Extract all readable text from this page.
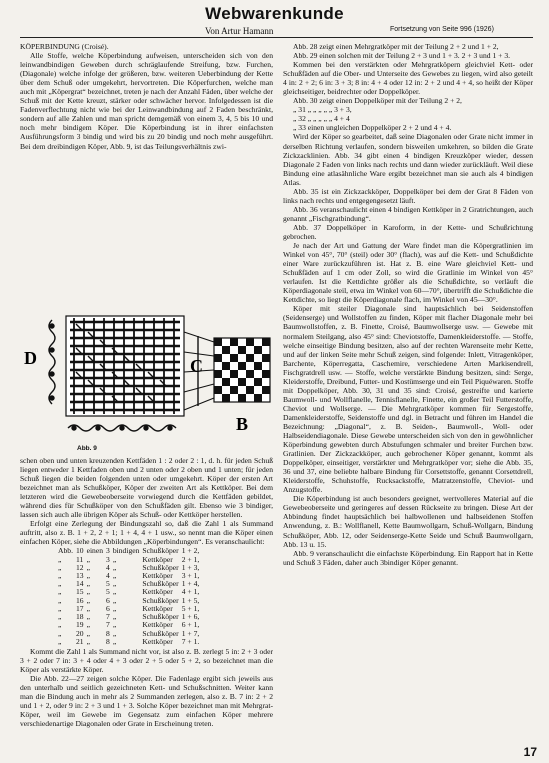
Webwarenkunde
Von Artur Hamann	Fortsetzung von Seite 996 (1926)

KÖPERBINDUNG (Croisé).

Alle Stoffe, welche Köperbindung aufweisen, unterscheiden sich von den leinwandbindigen Geweben durch schräglaufende Streifung, bzw. Furchen, (Diagonale) welche infolge der größeren, bzw. weiteren Ueberbindung der Kette über dem Schuß oder umgekehrt, hervortreten. Die Köperfurchen, welche man auch mit „Köpergrat“ bezeichnet, treten je nach der Anzahl Fäden, über welche der Schuß mit der Kette kreuzt, stärker oder schwächer hervor. Infolgedessen ist die Fadenverflechtung nicht wie bei der Leinwandbindung auf 2 Faden beschränkt, sondern auf alle Zahlen und man spricht demgemäß von einem 3, 4, 5 bis 10 und noch mehr bindigem Köper. Die Köperbindung ist in ihrer einfachsten Ausführungsform 3 bindig und wird bis zu 20 bindig und noch mehr ausgeführt. Bei dem dreibindigen Köper, Abb. 9, ist das Teilungsverhältnis zwi-

D	C
B
Abb. 9

schen oben und unten kreuzenden Kettfäden 1 : 2 oder 2 : 1, d. h. für jeden Schuß liegen entweder 1 Kettfaden oben und 2 unten oder 2 oben und 1 unten; für jeden Schuß liegen die beiden folgenden unten oder umgekehrt. Köper der ersten Art bezeichnet man als Schußköper, Köper der zweiten Art als Kettköper. Bei dem letzteren wird die Gewebeoberseite vorwiegend durch die Kettfäden gebildet, während dies für Schußköper von den Schußfäden gilt. Ebenso wie 3 bindiger, lassen sich auch alle übrigen Köper als Schuß- oder Kettköper herstellen.

Erfolgt eine Zerlegung der Bindungszahl so, daß die Zahl 1 als Summand auftritt, also z. B. 1 + 2, 2 + 1; 1 + 4, 4 + 1 usw., so nennt man die Köper einen einfachen Köper, siehe die Abbildungen „Köperbindungen“. Es veranschaulicht:

Abb.	10	einen	3	bindigen	Schußköper	1 + 2,
„	11	„	3	„	Kettköper	2 + 1,
„	12	„	4	„	Schußköper	1 + 3,
„	13	„	4	„	Kettköper	3 + 1,
„	14	„	5	„	Schußköper	1 + 4,
„	15	„	5	„	Kettköper	4 + 1,
„	16	„	6	„	Schußköper	1 + 5,
„	17	„	6	„	Kettköper	5 + 1,
„	18	„	7	„	Schußköper	1 + 6,
„	19	„	7	„	Kettköper	6 + 1,
„	20	„	8	„	Schußköper	1 + 7,
„	21	„	8	„	Kettköper	7 + 1.

Kommt die Zahl 1 als Summand nicht vor, ist also z. B. zerlegt 5 in: 2 + 3 oder 3 + 2 oder 7 in: 3 + 4 oder 4 + 3 oder 2 + 5 oder 5 + 2, so bezeichnet man die Köper als verstärkte Köper.

Die Abb. 22—27 zeigen solche Köper. Die Fadenlage ergibt sich jeweils aus den unterhalb und seitlich gezeichneten Kett- und Schußschnitten. Weiter kann man die Bindung auch in mehr als 2 Summanden zerlegen, also z. B. 7 in: 2 + 2 und 1 + 2, oder 9 in: 2 + 3 und 1 + 3. Solche Köper bezeichnet man mit Mehrgrat-Köper, weil im Gewebe im Gegensatz zum einfachen Köper mehrere verschiedenartige Diagonalen oder Grate in Erscheinung treten.

Abb. 28 zeigt einen Mehrgratköper mit der Teilung 2 + 2 und 1 + 2,

Abb. 29 einen solchen mit der Teilung 2 + 3 und 1 + 3. 2 + 3 und 1 + 3.

Kommen bei den verstärkten oder Mehrgratköpern gleichviel Kett- oder Schußfäden auf die Ober- und Unterseite des Gewebes zu liegen, wird also geteilt 4 in: 2 + 2; 6 in: 3 + 3; 8 in: 4 + 4 oder 12 in: 2 + 2 und 4 + 4, so heißt der Köper gleichseitiger, beidrechter oder Doppelköper.

Abb. 30 zeigt einen Doppelköper mit der Teilung 2 + 2,

„ 31 „ „ „ „ „ 3 + 3,

„ 32 „ „ „ „ „ 4 + 4

„ 33 einen ungleichen Doppelköper 2 + 2 und 4 + 4.

Wird der Köper so gearbeitet, daß seine Diagonalen oder Grate nicht immer in derselben Richtung verlaufen, sondern bisweilen umkehren, so bilden die Grate Zickzacklinien. Abb. 34 gibt einen 4 bindigen Kreuzköper wieder, dessen Diagonale 2 Faden von links nach rechts und dann wieder zurückläuft. Weil diese Bindung eine atlasähnliche Ware ergibt bezeichnet man sie auch als 4 bindigen Atlas.

Abb. 35 ist ein Zickzackköper, Doppelköper bei dem der Grat 8 Fäden von links nach rechts und entgegengesetzt läuft.

Abb. 36 veranschaulicht einen 4 bindigen Kettköper in 2 Gratrichtungen, auch genannt „Fischgratbindung“.

Abb. 37 Doppelköper in Karoform, in der Kette- und Schußrichtung gebrochen.

Je nach der Art und Gattung der Ware findet man die Köpergratlinien im Winkel von 45°, 70° (steil) oder 30° (flach), was auf die Kett- und Schußdichte einer Ware zurückzuführen ist. Hat z. B. eine Ware gleichviel Kett- und Schußfäden auf 1 cm oder Zoll, so wird die Gratlinie im Winkel von 45° verlaufen. Ist die Kettdichte größer als die Schußdichte, so verläuft die Köperdiagonale steil, etwa im Winkel von 60—70°, übertrifft die Schußdichte die Kettdichte, so liegt die Köperdiagonale flach, im Winkel von 45—30°.

Köper mit steiler Diagonale sind hauptsächlich bei Seidenstoffen (Seidenserge) und Wollstoffen zu finden, Köper mit flacher Diagonale mehr bei Baumwollstoffen, z. B. Finette, Croisé, Baumwollserge usw. — Gewebe mit normalem Steilgang, also 45° sind: Cheviotstoffe, Damenkleiderstoffe. — Stoffe, welche einseitige Bindung besitzen, also auf der rechten Warenseite mehr Kette, und auf der linken Seite mehr Schuß zeigen, sind folgende: Inlett, Vitragenköper, Barchente, Köperregatta, Caschemire, verschiedene Arten Markisendrell, Fischgratdrell usw. — Stoffe, welche verstärkte Bindung besitzen, sind: Serge, Kleiderstoffe, Dreibund, Futter- und Kostümserge und ein Teil Piquéwaren. Stoffe mit Doppelköper, Abb. 30, 31 und 35 sind: Croisé, gestreifte und karierte Baumwoll- und Wollflanelle, Tennisflanelle, Finette, ein großer Teil Futterstoffe, Cheviot und Wollserge. — Die Mehrgratköper kommen für Sergestoffe, Damenkleiderstoffe, Seidenstoffe und dgl. in Betracht und führen im Handel die Bezeichnung: „Diagonal“, z. B. Seiden-, Baumwoll-, Woll- oder Halbseidendiagonale. Diese Gewebe unterscheiden sich von den in gewöhnlicher Köperbindung gewebten durch Abstufungen schmaler und breiter Furchen bzw. Gratlinien. Der Zickzackköper, auch gebrochener Köper genannt, kommt als Doppelköper, einseitiger, verstärkter und Mehrgratköper vor; siehe die Abb. 35, 36 und 37, eine beliebte halbare Bindung für Corsettstoffe, genannt Corsettdrell, Kleiderstoffe, Schuhstoffe, Rucksackstoffe, Matratzenstoffe, Cheviot- und Anzugstoffe.

Die Köperbindung ist auch besonders geeignet, wertvolleres Material auf die Gewebeoberseite und geringeres auf dessen Rückseite zu bringen. Diese Art der Abbindung findet hauptsächlich bei halbwollenen und halbseidenen Stoffen Anwendung, z. B.: Wollflanell, Kette Baumwollgarn, Schuß-Wollgarn, Bindung Schußköper, Abb. 12, oder Seidenserge-Kette Seide und Schuß Baumwollgarn, Abb. 13 u. 15.

Abb. 9 veranschaulicht die einfachste Köperbindung. Ein Rapport hat in Kette und Schuß 3 Fäden, daher auch 3bindiger Köper genannt.

17
